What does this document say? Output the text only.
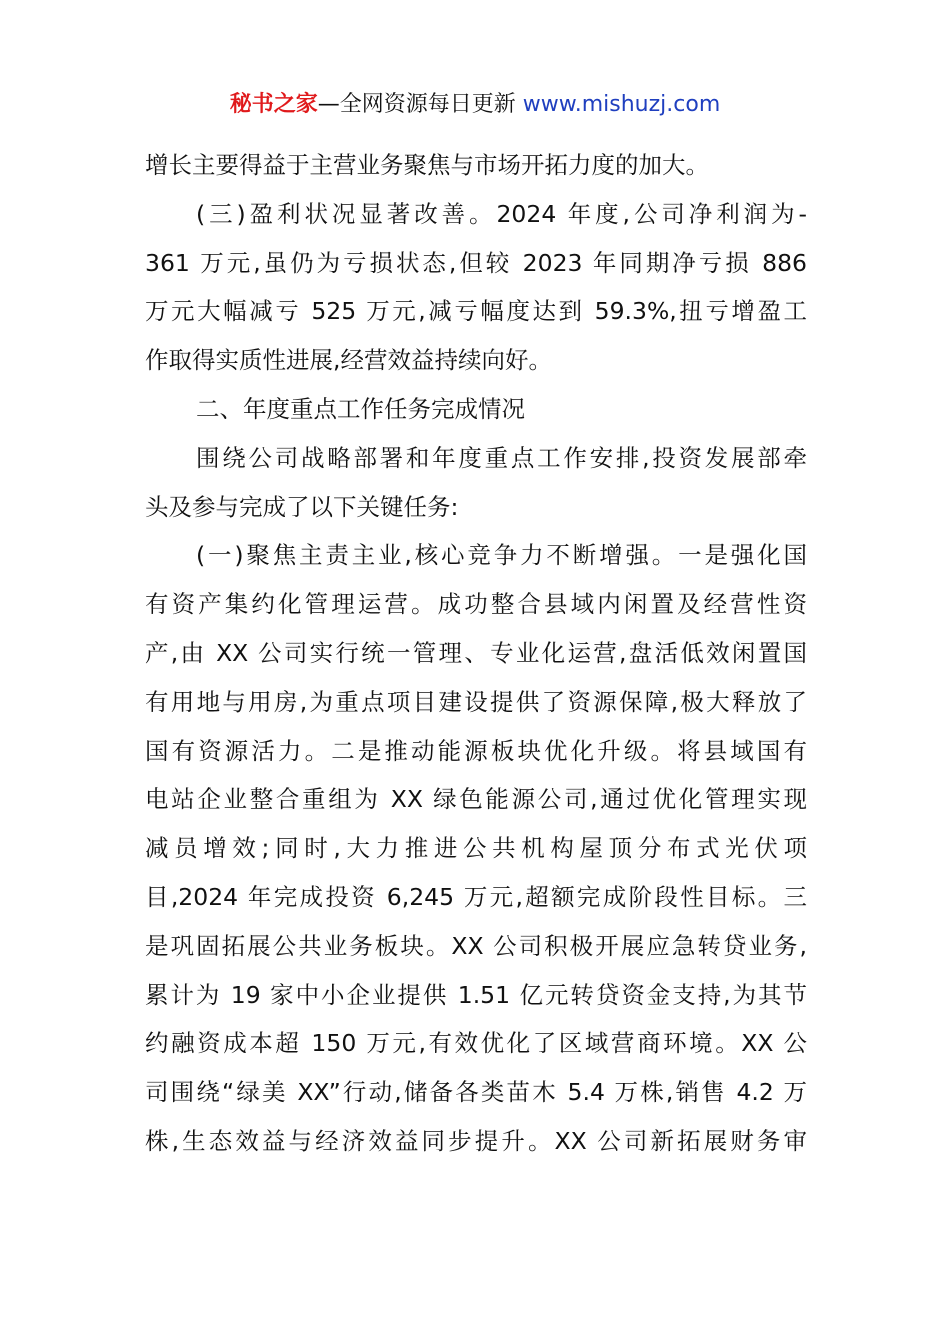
秘书之家—全网资源每日更新 www.mishuzj.com
增长主要得益于主营业务聚焦与市场开拓力度的加大。
(三)盈利状况显著改善。2024 年度,公司净利润为-
361 万元,虽仍为亏损状态,但较 2023 年同期净亏损 886
万元大幅减亏 525 万元,减亏幅度达到 59.3%,扭亏增盈工
作取得实质性进展,经营效益持续向好。
二、年度重点工作任务完成情况
围绕公司战略部署和年度重点工作安排,投资发展部牵
头及参与完成了以下关键任务:
(一)聚焦主责主业,核心竞争力不断增强。一是强化国
有资产集约化管理运营。成功整合县域内闲置及经营性资
产,由 XX 公司实行统一管理、专业化运营,盘活低效闲置国
有用地与用房,为重点项目建设提供了资源保障,极大释放了
国有资源活力。二是推动能源板块优化升级。将县域国有
电站企业整合重组为 XX 绿色能源公司,通过优化管理实现
减员增效;同时,大力推进公共机构屋顶分布式光伏项
目,2024 年完成投资 6,245 万元,超额完成阶段性目标。三
是巩固拓展公共业务板块。XX 公司积极开展应急转贷业务,
累计为 19 家中小企业提供 1.51 亿元转贷资金支持,为其节
约融资成本超 150 万元,有效优化了区域营商环境。XX 公
司围绕“绿美 XX”行动,储备各类苗木 5.4 万株,销售 4.2 万
株,生态效益与经济效益同步提升。XX 公司新拓展财务审
